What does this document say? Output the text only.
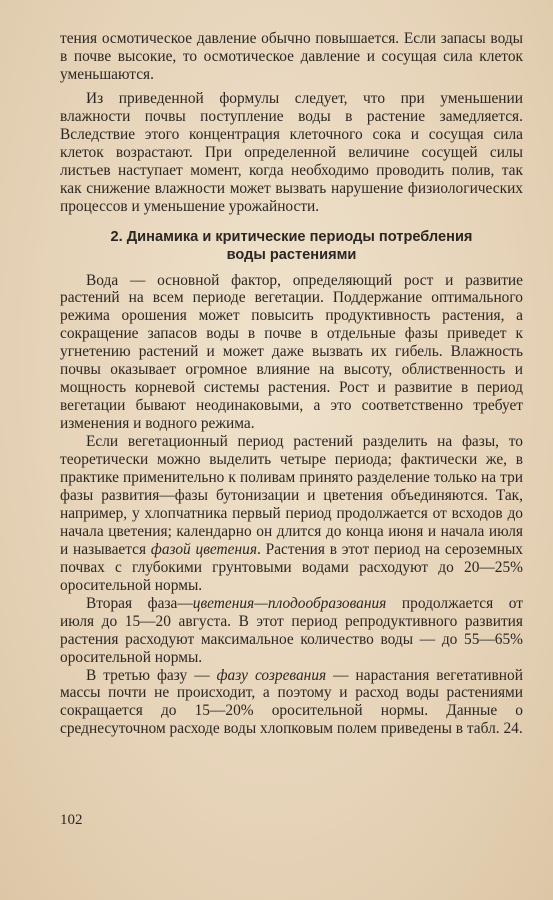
тения осмотическое давление обычно повышается. Если запасы воды в почве высокие, то осмотическое давление и сосущая сила клеток уменьшаются.

Из приведенной формулы следует, что при уменьшении влажности почвы поступление воды в растение замедляется. Вследствие этого концентрация клеточного сока и сосущая сила клеток возрастают. При определенной величине сосущей силы листьев наступает момент, когда необходимо проводить полив, так как снижение влажности может вызвать нарушение физиологических процессов и уменьшение урожайности.

2. Динамика и критические периоды потребления
воды растениями

Вода — основной фактор, определяющий рост и развитие растений на всем периоде вегетации. Поддержание оптимального режима орошения может повысить продуктивность растения, а сокращение запасов воды в почве в отдельные фазы приведет к угнетению растений и может даже вызвать их гибель. Влажность почвы оказывает огромное влияние на высоту, облиственность и мощность корневой системы растения. Рост и развитие в период вегетации бывают неодинаковыми, а это соответственно требует изменения и водного режима.

Если вегетационный период растений разделить на фазы, то теоретически можно выделить четыре периода; фактически же, в практике применительно к поливам принято разделение только на три фазы развития—фазы бутонизации и цветения объединяются. Так, например, у хлопчатника первый период продолжается от всходов до начала цветения; календарно он длится до конца июня и начала июля и называется фазой цветения. Растения в этот период на сероземных почвах с глубокими грунтовыми водами расходуют до 20—25% оросительной нормы.

Вторая фаза—цветения—плодообразования продолжается от июля до 15—20 августа. В этот период репродуктивного развития растения расходуют максимальное количество воды — до 55—65% оросительной нормы.

В третью фазу — фазу созревания — нарастания вегетативной массы почти не происходит, а поэтому и расход воды растениями сокращается до 15—20% оросительной нормы. Данные о среднесуточном расходе воды хлопковым полем приведены в табл. 24.

102
